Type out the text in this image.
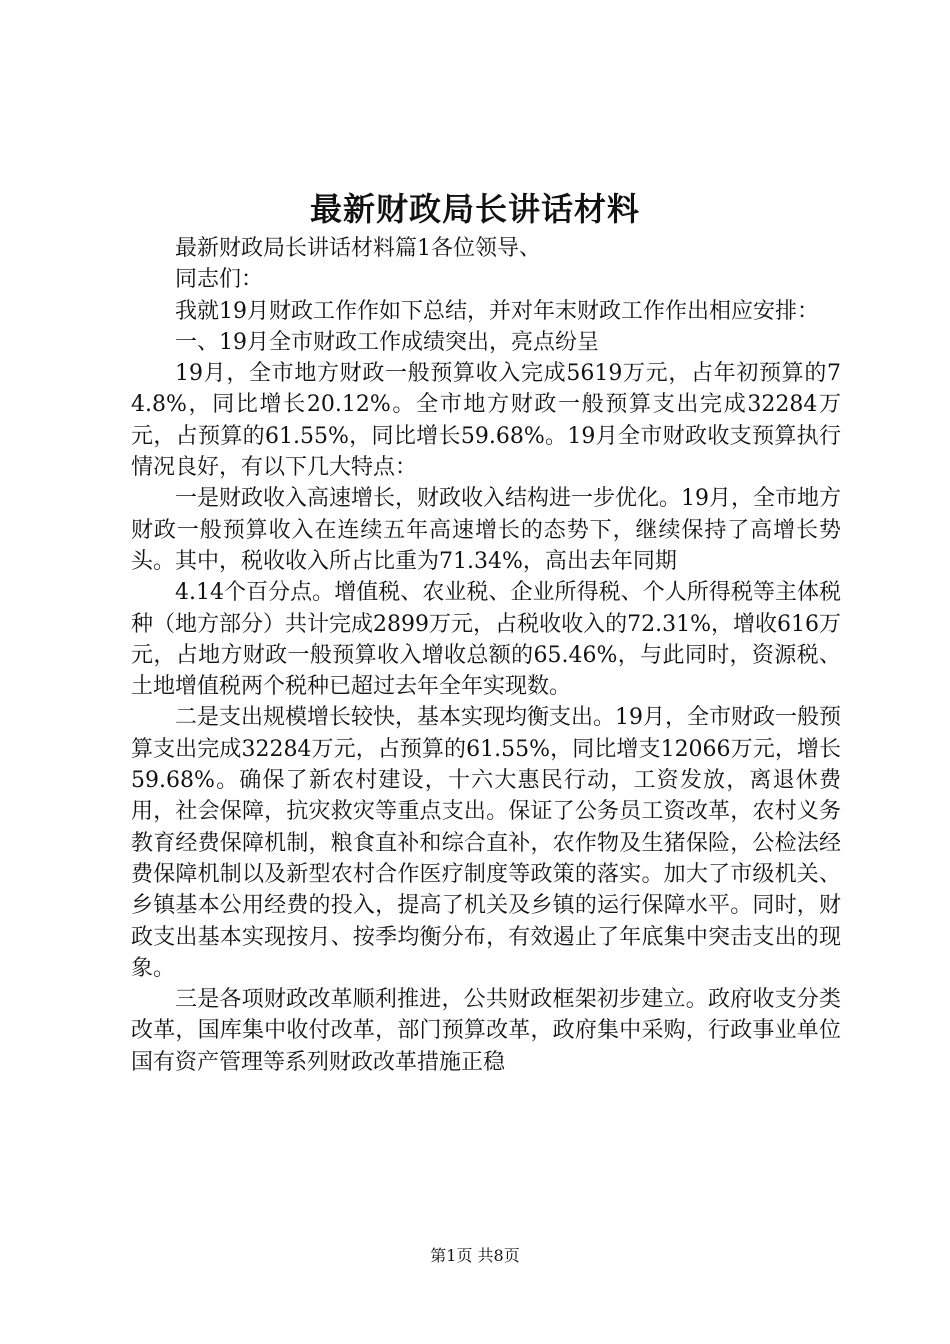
最新财政局长讲话材料

最新财政局长讲话材料篇1各位领导、

同志们：

我就19月财政工作作如下总结，并对年末财政工作作出相应安排：

一、19月全市财政工作成绩突出，亮点纷呈

19月，全市地方财政一般预算收入完成5619万元，占年初预算的74.8%，同比增长20.12%。全市地方财政一般预算支出完成32284万元，占预算的61.55%，同比增长59.68%。19月全市财政收支预算执行情况良好，有以下几大特点：

一是财政收入高速增长，财政收入结构进一步优化。19月，全市地方财政一般预算收入在连续五年高速增长的态势下，继续保持了高增长势头。其中，税收收入所占比重为71.34%，高出去年同期

4.14个百分点。增值税、农业税、企业所得税、个人所得税等主体税种（地方部分）共计完成2899万元，占税收收入的72.31%，增收616万元，占地方财政一般预算收入增收总额的65.46%，与此同时，资源税、土地增值税两个税种已超过去年全年实现数。

二是支出规模增长较快，基本实现均衡支出。19月，全市财政一般预算支出完成32284万元，占预算的61.55%，同比增支12066万元，增长59.68%。确保了新农村建设，十六大惠民行动，工资发放，离退休费用，社会保障，抗灾救灾等重点支出。保证了公务员工资改革，农村义务教育经费保障机制，粮食直补和综合直补，农作物及生猪保险，公检法经费保障机制以及新型农村合作医疗制度等政策的落实。加大了市级机关、乡镇基本公用经费的投入，提高了机关及乡镇的运行保障水平。同时，财政支出基本实现按月、按季均衡分布，有效遏止了年底集中突击支出的现象。

三是各项财政改革顺利推进，公共财政框架初步建立。政府收支分类改革，国库集中收付改革，部门预算改革，政府集中采购，行政事业单位国有资产管理等系列财政改革措施正稳

第1页 共8页
